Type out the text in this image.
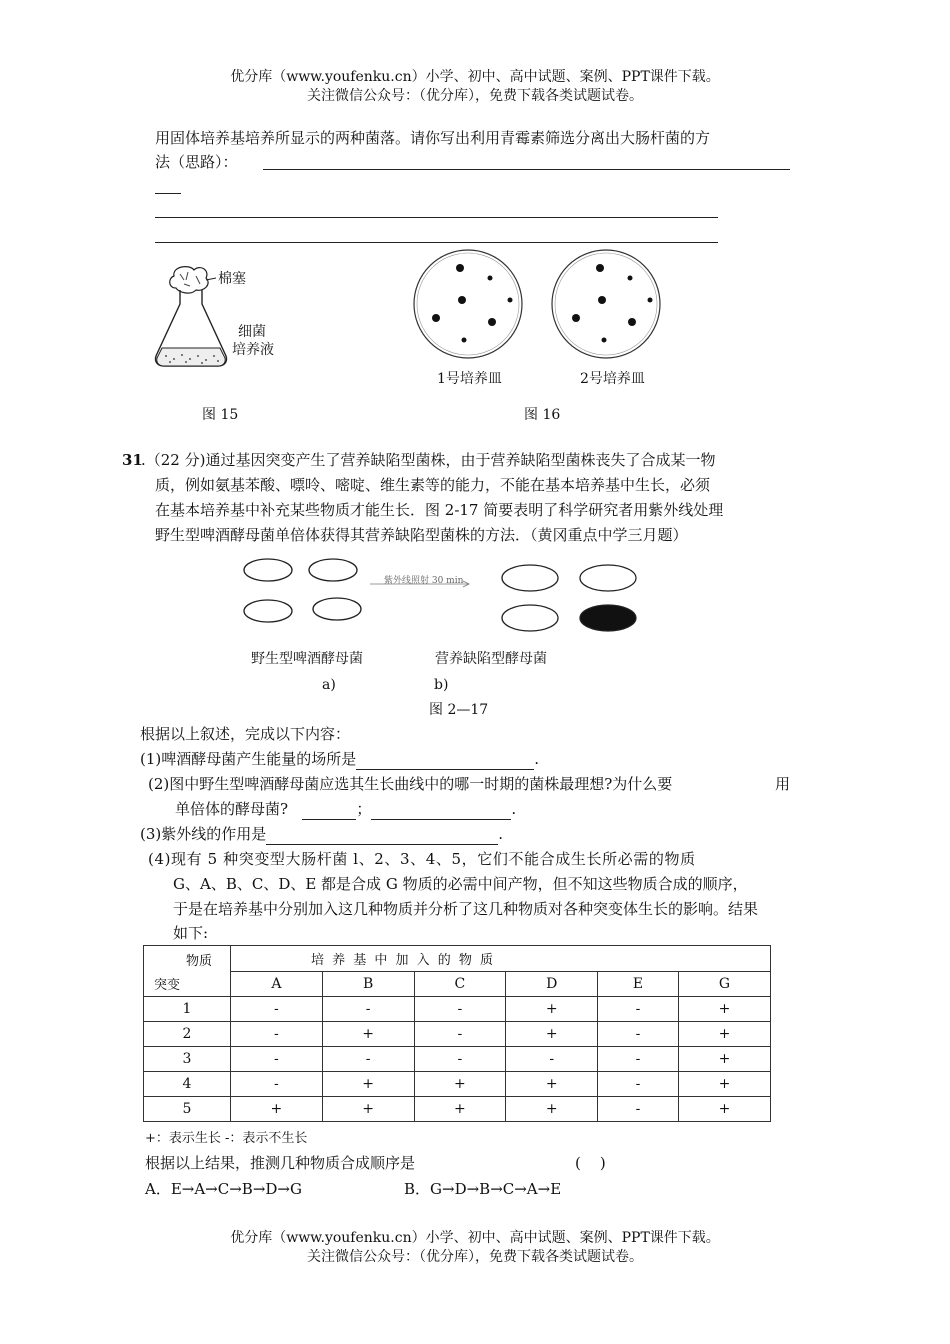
优分库（www.youfenku.cn）小学、初中、高中试题、案例、PPT课件下载。
关注微信公众号：（优分库），免费下载各类试题试卷。
用固体培养基培养所显示的两种菌落。请你写出利用青霉素筛选分离出大肠杆菌的方
法（思路）：
棉塞
细菌
培养液
图 15
1号培养皿	2号培养皿
图 16
31
.（22 分)通过基因突变产生了营养缺陷型菌株，由于营养缺陷型菌株丧失了合成某一物
质，例如氨基苯酸、嘌呤、嘧啶、维生素等的能力，不能在基本培养基中生长，必须
在基本培养基中补充某些物质才能生长．图 2-17 简要表明了科学研究者用紫外线处理
野生型啤酒酵母菌单倍体获得其营养缺陷型菌株的方法．（黄冈重点中学三月题）
紫外线照射 30 min
野生型啤酒酵母菌	营养缺陷型酵母菌
a)	b)
图 2—17
根据以上叙述，完成以下内容：
(1)啤酒酵母菌产生能量的场所是	.
(2)图中野生型啤酒酵母菌应选其生长曲线中的哪一时期的菌株最理想?为什么要	用
单倍体的酵母菌?	；	.
(3)紫外线的作用是	.
(4)现有 5 种突变型大肠杆菌 l、2、3、4、5，它们不能合成生长所必需的物质
G、A、B、C、D、E 都是合成 G 物质的必需中间产物，但不知这些物质合成的顺序，
于是在培养基中分别加入这几种物质并分析了这几种物质对各种突变体生长的影响。结果
如下:
物质
突变	培 养 基 中 加 入 的 物 质					
	A	B	C	D	E	G
1	-	-	-	+	-	+
2	-	+	-	+	-	+
3	-	-	-	-	-	+
4	-	+	+	+	-	+
5	+	+	+	+	-	+
+：表示生长 -：表示不生长
根据以上结果，推测几种物质合成顺序是	(    )
A．E→A→C→B→D→G	B．G→D→B→C→A→E
优分库（www.youfenku.cn）小学、初中、高中试题、案例、PPT课件下载。
关注微信公众号：（优分库），免费下载各类试题试卷。
